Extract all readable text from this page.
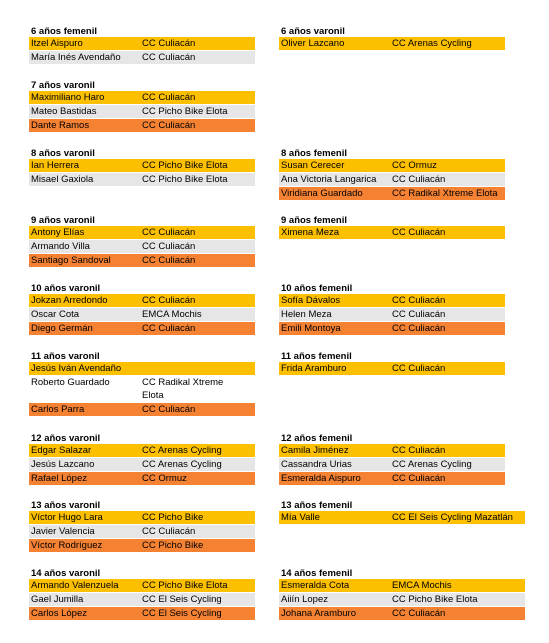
6 años femenil
Itzel Aispuro	CC Culiacán
María Inés Avendaño	CC Culiacán
6 años varonil
Oliver Lazcano	CC Arenas Cycling
7 años varonil
Maximiliano Haro	CC Culiacán
Mateo Bastidas	CC Picho Bike Elota
Dante Ramos	CC Culiacán
8 años varonil
Ian Herrera	CC Picho Bike Elota
Misael Gaxiola	CC Picho Bike Elota
8 años femenil
Susan Cerecer	CC Ormuz
Ana Victoria Langarica	CC Culiacán
Viridiana Guardado	CC Radikal Xtreme Elota
9 años varonil
Antony Elías	CC Culiacán
Armando Villa	CC Culiacán
Santiago Sandoval	CC Culiacán
9 años femenil
Ximena Meza	CC Culiacán
10 años varonil
Jokzan Arredondo	CC Culiacán
Oscar Cota	EMCA Mochis
Diego Germán	CC Culiacán
10 años femenil
Sofía Dávalos	CC Culiacán
Helen Meza	CC Culiacán
Emili Montoya	CC Culiacán
11 años varonil
Jesús Iván Avendaño
Roberto Guardado	CC Radikal Xtreme Elota
Carlos Parra	CC Culiacán
11 años femenil
Frida Aramburo	CC Culiacán
12 años varonil
Edgar Salazar	CC Arenas Cycling
Jesús Lazcano	CC Arenas Cycling
Rafael López	CC Ormuz
12 años femenil
Camila Jiménez	CC Culiacán
Cassandra Urias	CC Arenas Cycling
Esmeralda Aispuro	CC Culiacán
13 años varonil
Víctor Hugo Lara	CC Picho Bike
Javier Valencia	CC Culiacán
Víctor Rodríguez	CC Picho Bike
13 años femenil
Mía Valle	CC El Seis Cycling Mazatlán
14 años varonil
Armando Valenzuela	CC Picho Bike Elota
Gael Jumilla	CC El Seis Cycling
Carlos López	CC El Seis Cycling
14 años femenil
Esmeralda Cota	EMCA Mochis
Aiiín Lopez	CC Picho Bike Elota
Johana Aramburo	CC Culiacán
